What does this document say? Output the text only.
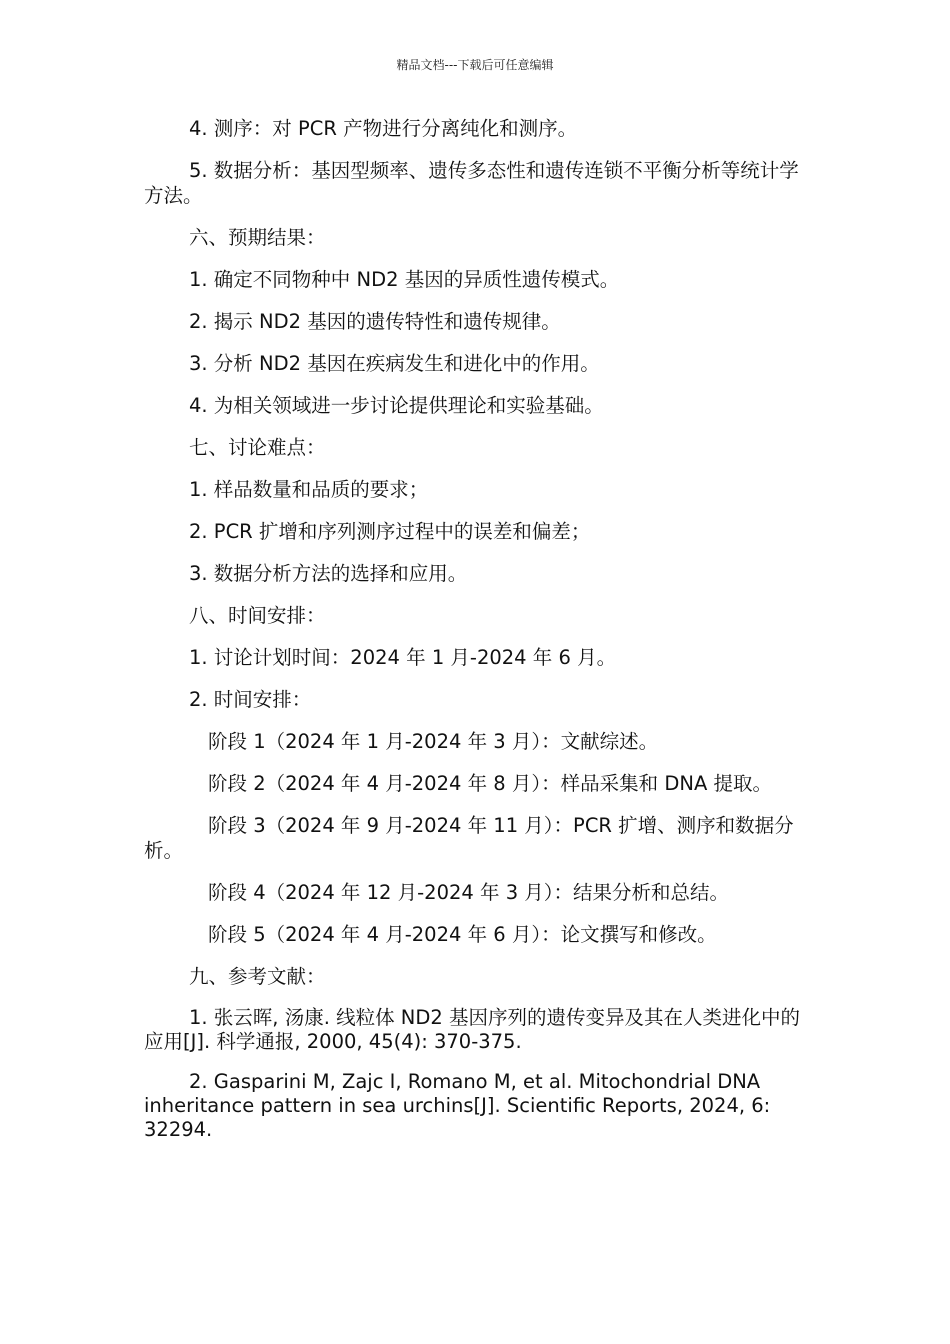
精品文档---下载后可任意编辑

4. 测序：对 PCR 产物进行分离纯化和测序。

5. 数据分析：基因型频率、遗传多态性和遗传连锁不平衡分析等统计学方法。

六、预期结果：

1. 确定不同物种中 ND2 基因的异质性遗传模式。

2. 揭示 ND2 基因的遗传特性和遗传规律。

3. 分析 ND2 基因在疾病发生和进化中的作用。

4. 为相关领域进一步讨论提供理论和实验基础。

七、讨论难点：

1. 样品数量和品质的要求；

2. PCR 扩增和序列测序过程中的误差和偏差；

3. 数据分析方法的选择和应用。

八、时间安排：

1. 讨论计划时间：2024 年 1 月-2024 年 6 月。

2. 时间安排：

阶段 1（2024 年 1 月-2024 年 3 月）：文献综述。

阶段 2（2024 年 4 月-2024 年 8 月）：样品采集和 DNA 提取。

阶段 3（2024 年 9 月-2024 年 11 月）：PCR 扩增、测序和数据分析。

阶段 4（2024 年 12 月-2024 年 3 月）：结果分析和总结。

阶段 5（2024 年 4 月-2024 年 6 月）：论文撰写和修改。

九、参考文献：

1. 张云晖, 汤康. 线粒体 ND2 基因序列的遗传变异及其在人类进化中的应用[J]. 科学通报, 2000, 45(4): 370-375.

2. Gasparini M, Zajc I, Romano M, et al. Mitochondrial DNA inheritance pattern in sea urchins[J]. Scientific Reports, 2024, 6: 32294.
